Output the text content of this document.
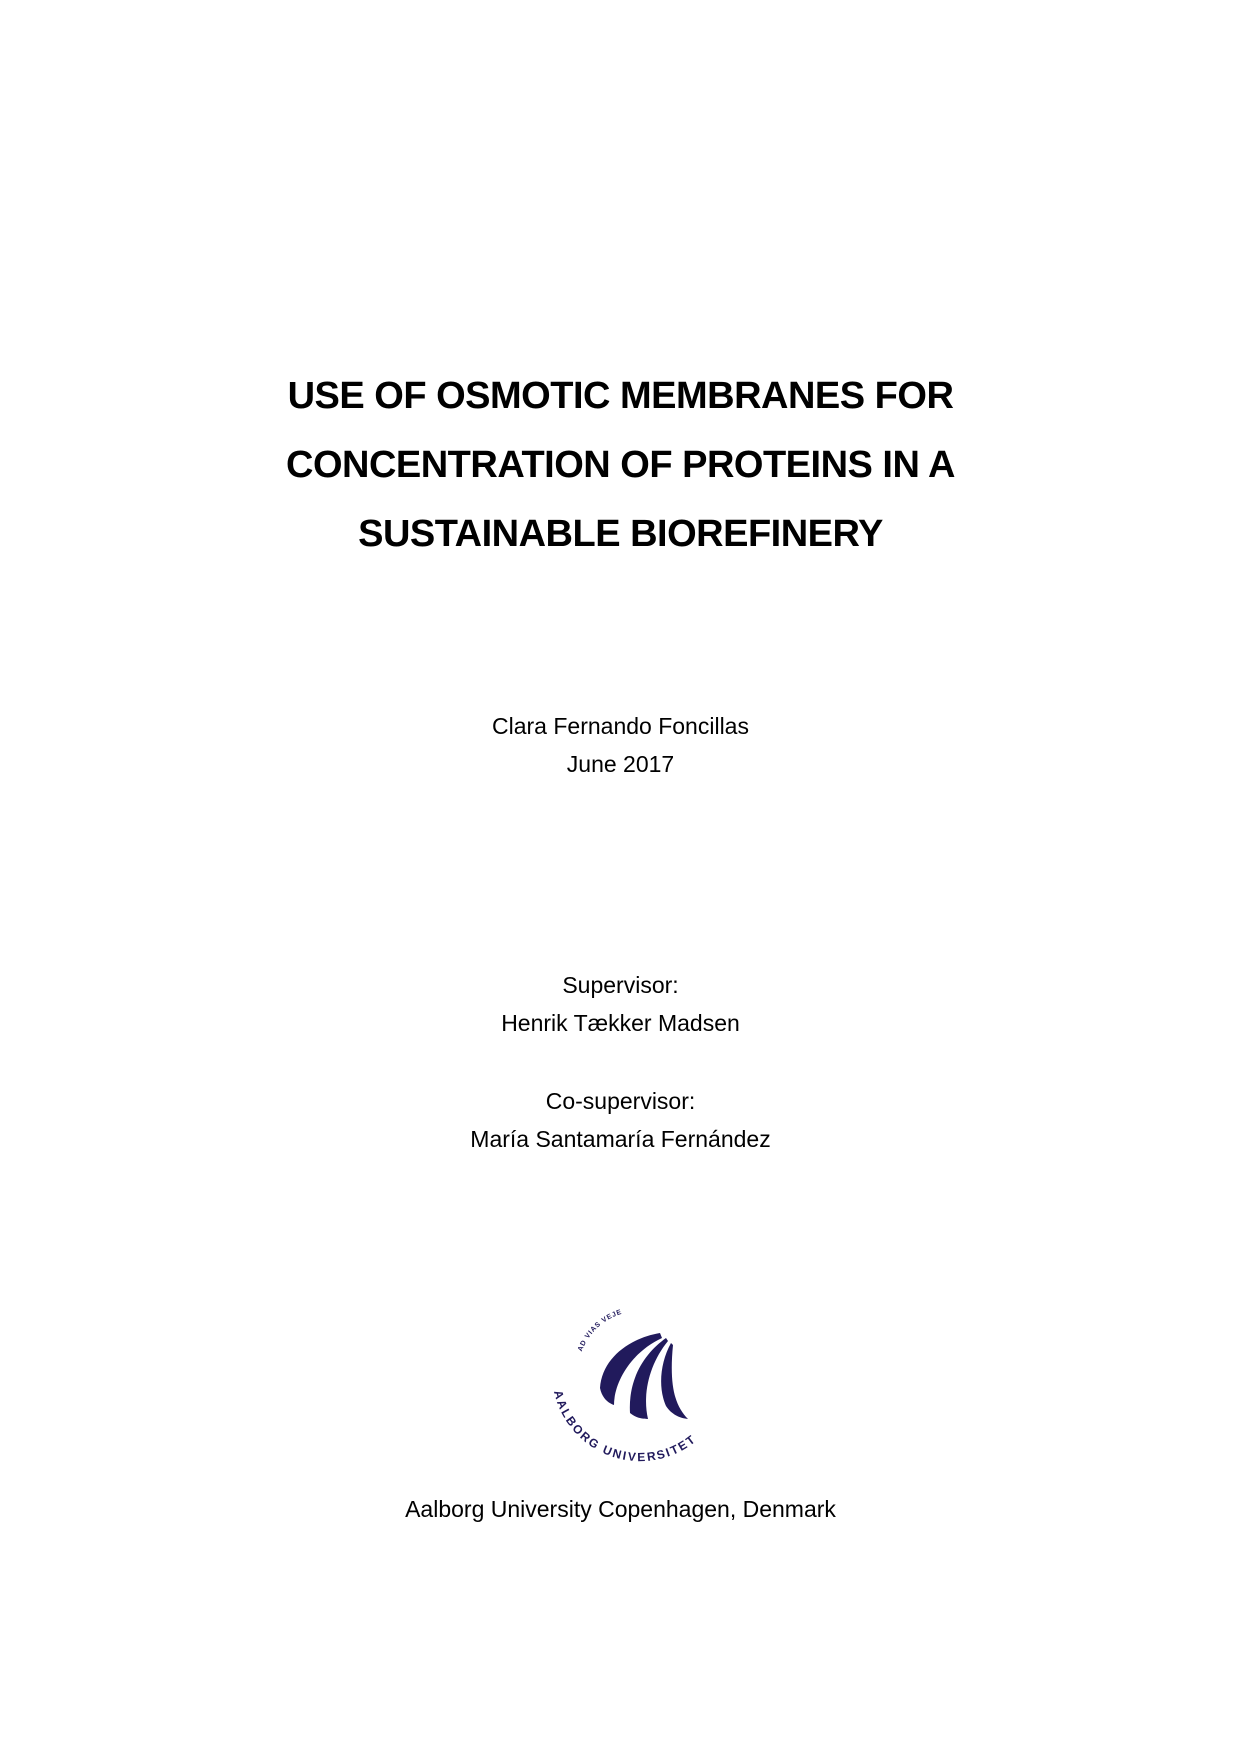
USE OF OSMOTIC MEMBRANES FOR
CONCENTRATION OF PROTEINS IN A
SUSTAINABLE BIOREFINERY
Clara Fernando Foncillas
June 2017
Supervisor:
Henrik Tækker Madsen
Co-supervisor:
María Santamaría Fernández
AALBORG UNIVERSITET
AD VIAS VEJE
Aalborg University Copenhagen, Denmark
